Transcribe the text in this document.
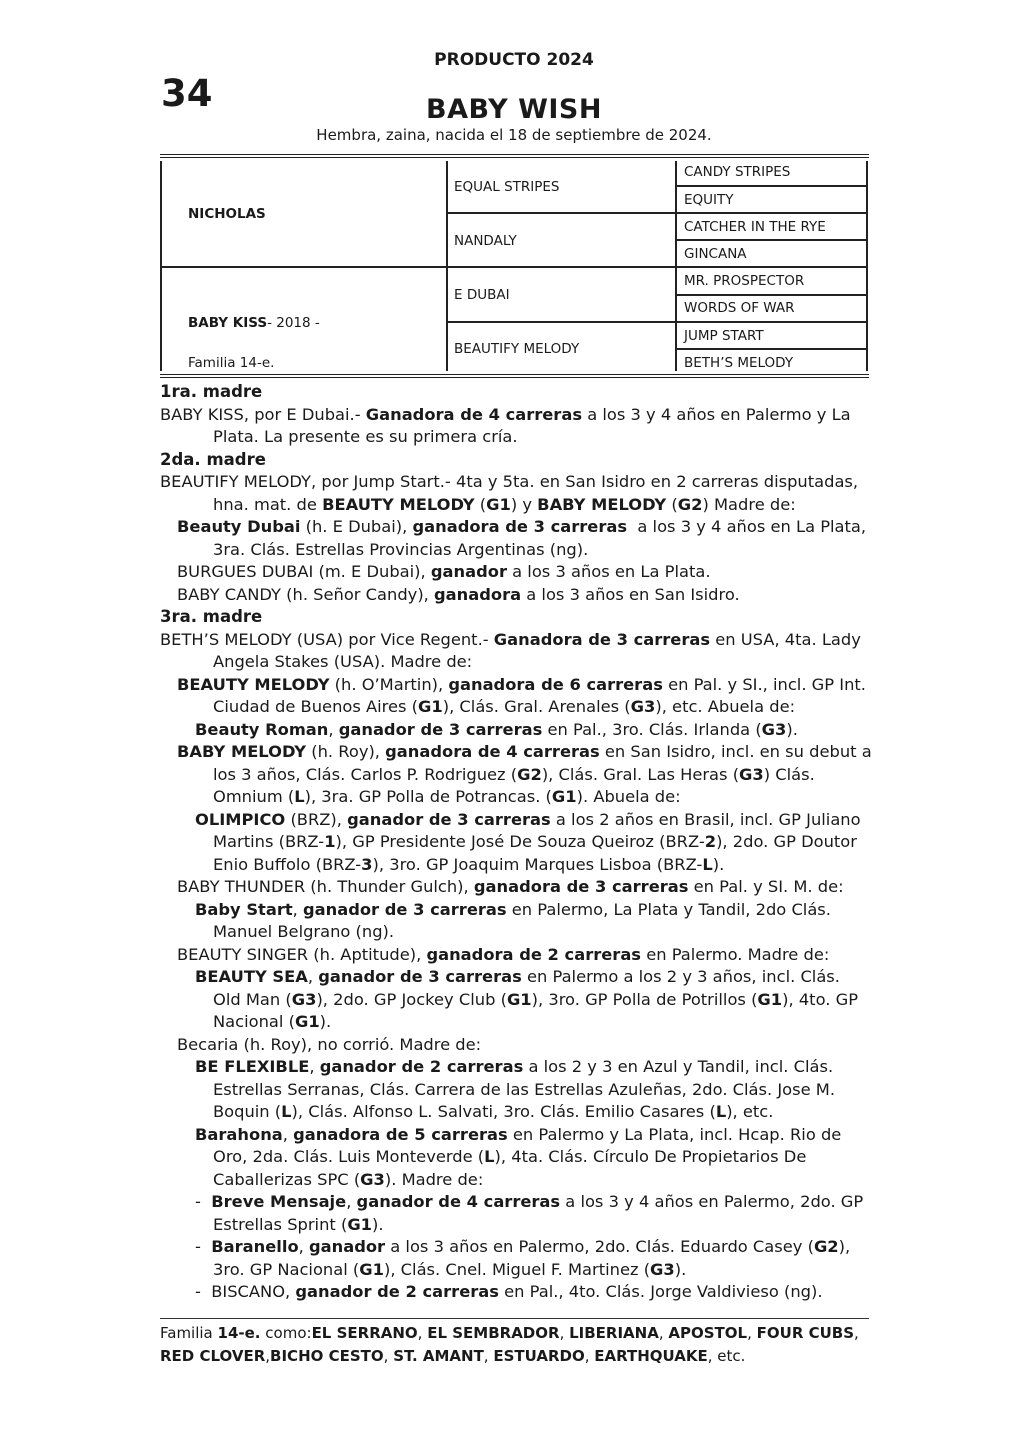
34
PRODUCTO 2024
BABY WISH
Hembra, zaina, nacida el 18 de septiembre de 2024.
NICHOLAS
BABY KISS - 2018 -
Familia 14-e.
EQUAL STRIPES
NANDALY
E DUBAI
BEAUTIFY MELODY
CANDY STRIPES
EQUITY
CATCHER IN THE RYE
GINCANA
MR. PROSPECTOR
WORDS OF WAR
JUMP START
BETH’S MELODY

1ra. madre

BABY KISS, por E Dubai.- Ganadora de 4 carreras a los 3 y 4 años en Palermo y La Plata. La presente es su primera cría.

2da. madre

BEAUTIFY MELODY, por Jump Start.- 4ta y 5ta. en San Isidro en 2 carreras disputadas, hna. mat. de BEAUTY MELODY (G1) y BABY MELODY (G2) Madre de:

Beauty Dubai (h. E Dubai), ganadora de 3 carreras  a los 3 y 4 años en La Plata, 3ra. Clás. Estrellas Provincias Argentinas (ng).

BURGUES DUBAI (m. E Dubai), ganador a los 3 años en La Plata.

BABY CANDY (h. Señor Candy), ganadora a los 3 años en San Isidro.

3ra. madre

BETH’S MELODY (USA) por Vice Regent.- Ganadora de 3 carreras en USA, 4ta. Lady Angela Stakes (USA). Madre de:

BEAUTY MELODY (h. O’Martin), ganadora de 6 carreras en Pal. y SI., incl. GP Int. Ciudad de Buenos Aires (G1), Clás. Gral. Arenales (G3), etc. Abuela de:

Beauty Roman, ganador de 3 carreras en Pal., 3ro. Clás. Irlanda (G3).

BABY MELODY (h. Roy), ganadora de 4 carreras en San Isidro, incl. en su debut a los 3 años, Clás. Carlos P. Rodriguez (G2), Clás. Gral. Las Heras (G3) Clás. Omnium (L), 3ra. GP Polla de Potrancas. (G1). Abuela de:

OLIMPICO (BRZ), ganador de 3 carreras a los 2 años en Brasil, incl. GP Juliano Martins (BRZ-1), GP Presidente José De Souza Queiroz (BRZ-2), 2do. GP Doutor Enio Buffolo (BRZ-3), 3ro. GP Joaquim Marques Lisboa (BRZ-L).

BABY THUNDER (h. Thunder Gulch), ganadora de 3 carreras en Pal. y SI. M. de:

Baby Start, ganador de 3 carreras en Palermo, La Plata y Tandil, 2do Clás. Manuel Belgrano (ng).

BEAUTY SINGER (h. Aptitude), ganadora de 2 carreras en Palermo. Madre de:

BEAUTY SEA, ganador de 3 carreras en Palermo a los 2 y 3 años, incl. Clás. Old Man (G3), 2do. GP Jockey Club (G1), 3ro. GP Polla de Potrillos (G1), 4to. GP Nacional (G1).

Becaria (h. Roy), no corrió. Madre de:

BE FLEXIBLE, ganador de 2 carreras a los 2 y 3 en Azul y Tandil, incl. Clás. Estrellas Serranas, Clás. Carrera de las Estrellas Azuleñas, 2do. Clás. Jose M. Boquin (L), Clás. Alfonso L. Salvati, 3ro. Clás. Emilio Casares (L), etc.

Barahona, ganadora de 5 carreras en Palermo y La Plata, incl. Hcap. Rio de Oro, 2da. Clás. Luis Monteverde (L), 4ta. Clás. Círculo De Propietarios De Caballerizas SPC (G3). Madre de:

-  Breve Mensaje, ganador de 4 carreras a los 3 y 4 años en Palermo, 2do. GP Estrellas Sprint (G1).

-  Baranello, ganador a los 3 años en Palermo, 2do. Clás. Eduardo Casey (G2), 3ro. GP Nacional (G1), Clás. Cnel. Miguel F. Martinez (G3).

-  BISCANO, ganador de 2 carreras en Pal., 4to. Clás. Jorge Valdivieso (ng).

Familia 14-e. como:EL SERRANO, EL SEMBRADOR, LIBERIANA, APOSTOL, FOUR CUBS, RED CLOVER,BICHO CESTO, ST. AMANT, ESTUARDO, EARTHQUAKE, etc.
